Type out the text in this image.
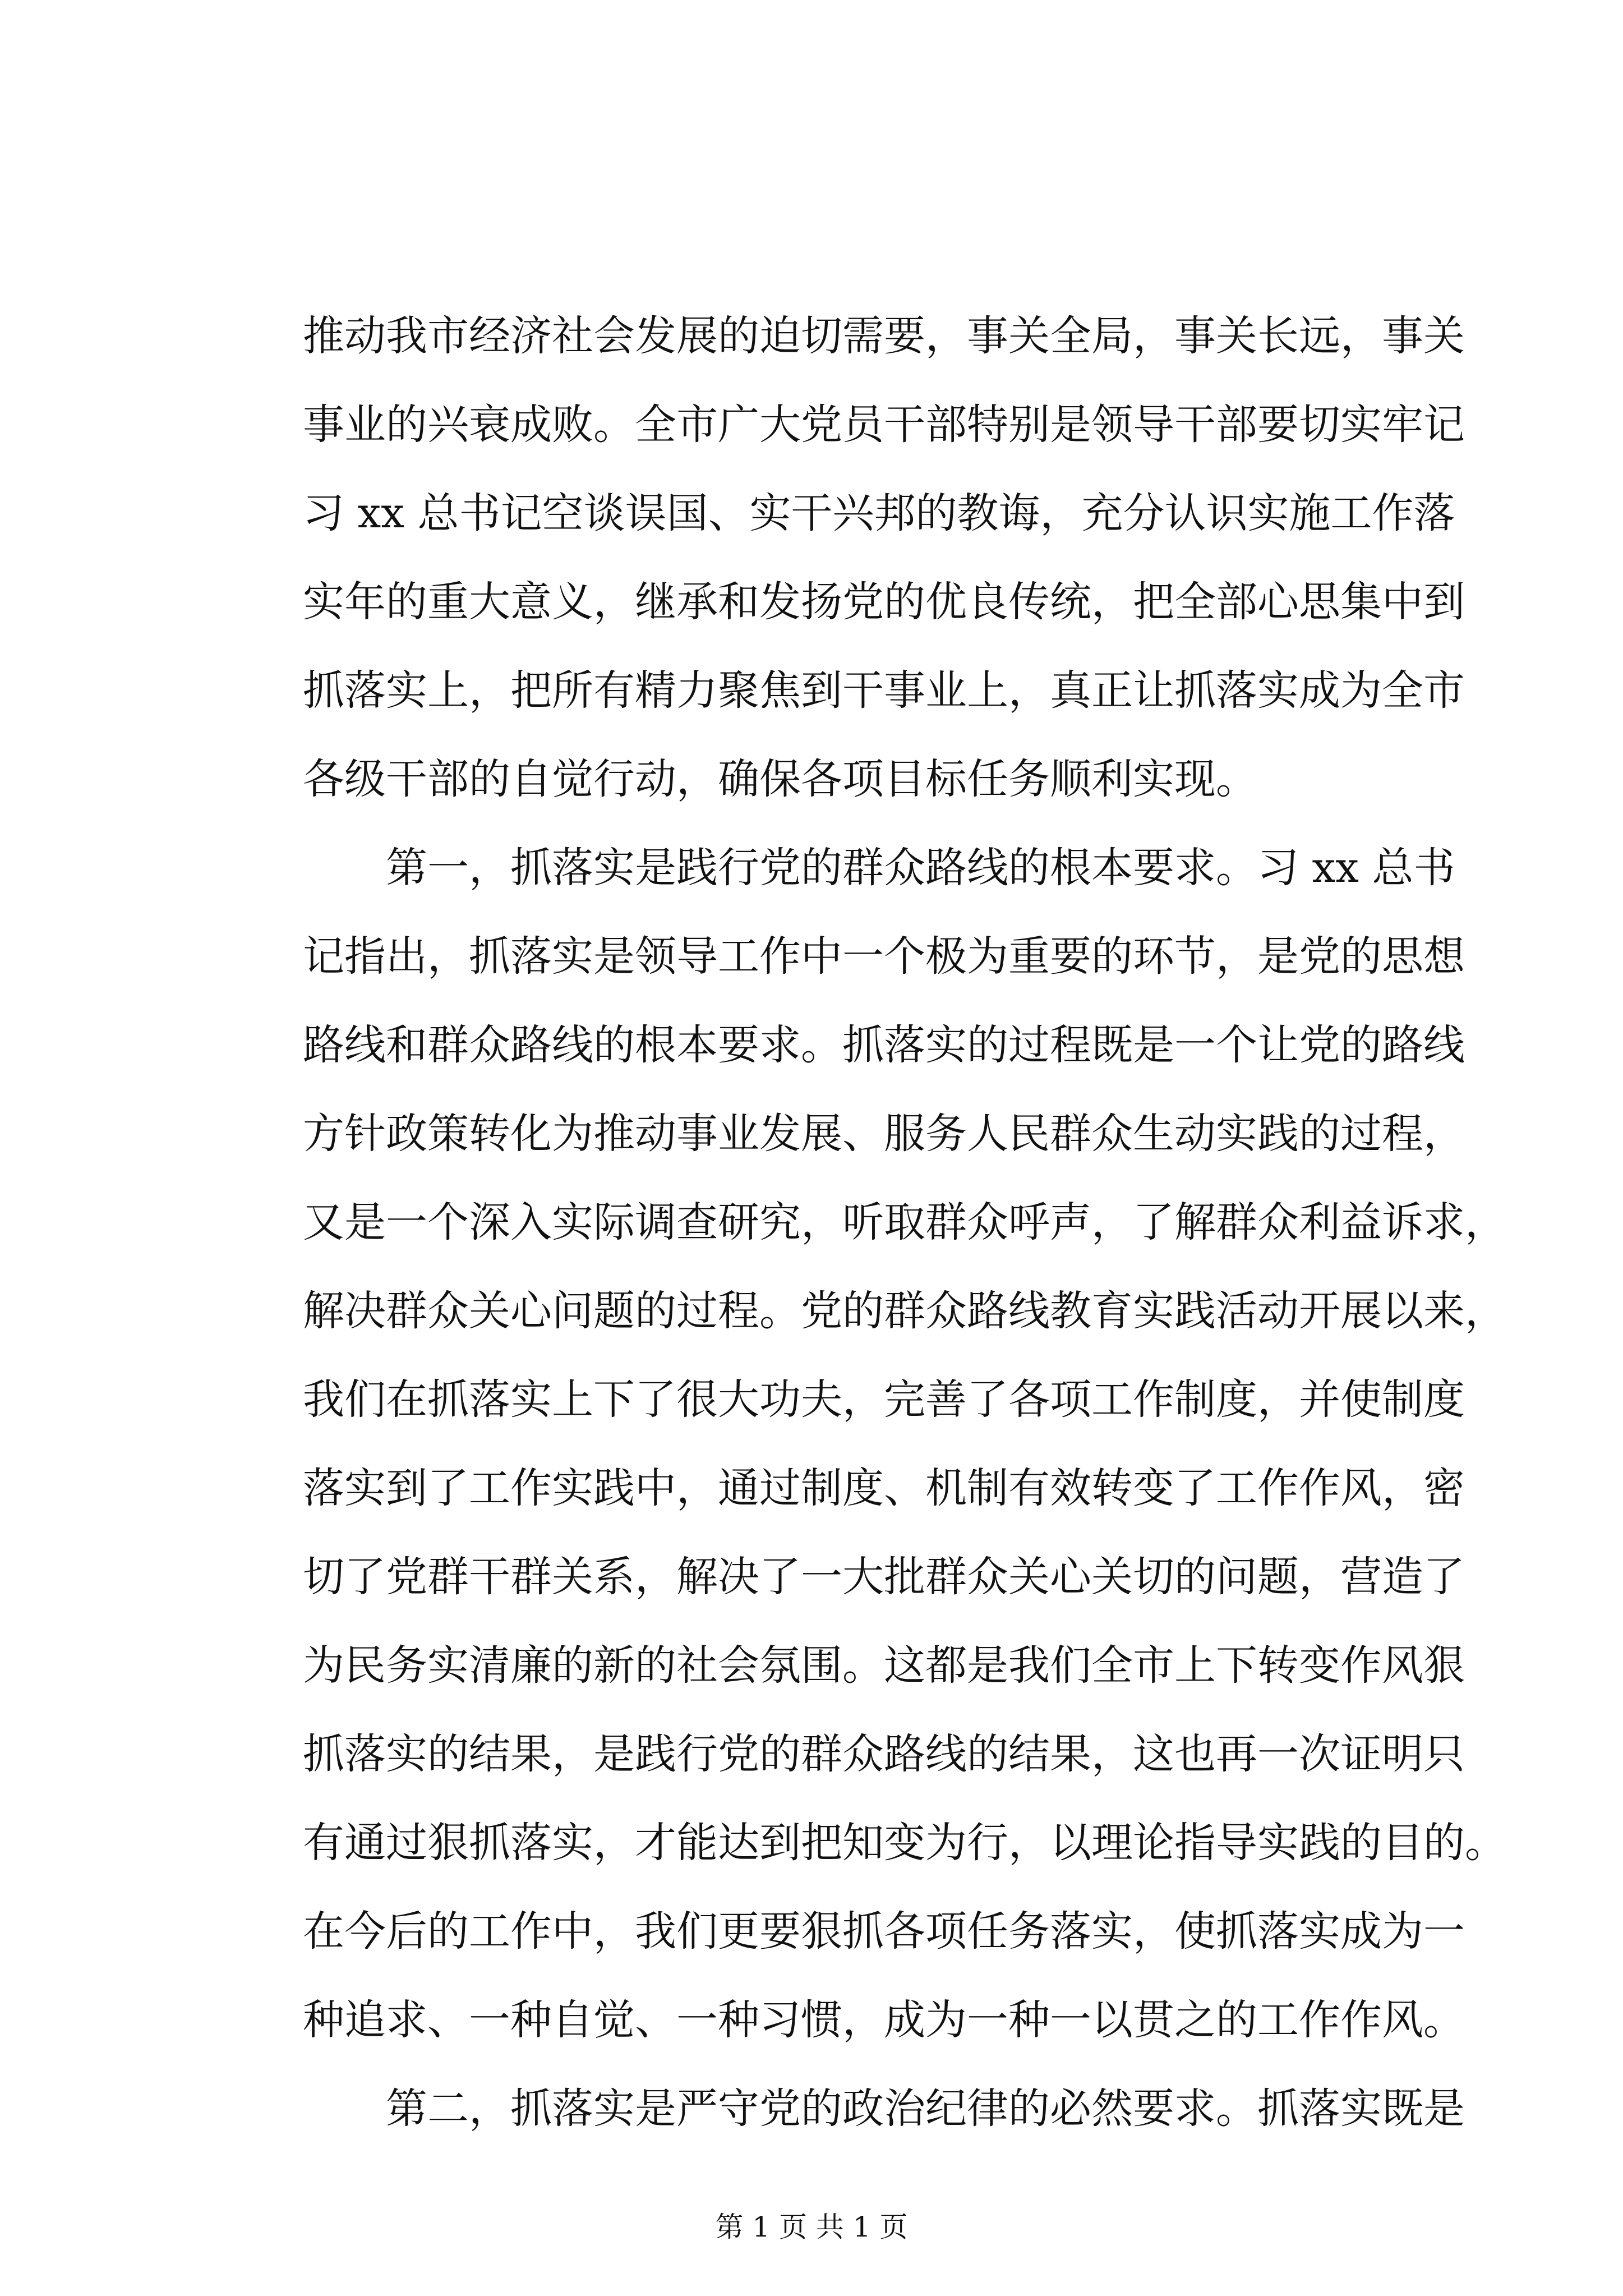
推动我市经济社会发展的迫切需要，事关全局，事关长远，事关
事业的兴衰成败。全市广大党员干部特别是领导干部要切实牢记
习 xx 总书记空谈误国、实干兴邦的教诲，充分认识实施工作落
实年的重大意义，继承和发扬党的优良传统，把全部心思集中到
抓落实上，把所有精力聚焦到干事业上，真正让抓落实成为全市
各级干部的自觉行动，确保各项目标任务顺利实现。
第一，抓落实是践行党的群众路线的根本要求。习 xx 总书
记指出，抓落实是领导工作中一个极为重要的环节，是党的思想
路线和群众路线的根本要求。抓落实的过程既是一个让党的路线
方针政策转化为推动事业发展、服务人民群众生动实践的过程，
又是一个深入实际调查研究，听取群众呼声，了解群众利益诉求，
解决群众关心问题的过程。党的群众路线教育实践活动开展以来，
我们在抓落实上下了很大功夫，完善了各项工作制度，并使制度
落实到了工作实践中，通过制度、机制有效转变了工作作风，密
切了党群干群关系，解决了一大批群众关心关切的问题，营造了
为民务实清廉的新的社会氛围。这都是我们全市上下转变作风狠
抓落实的结果，是践行党的群众路线的结果，这也再一次证明只
有通过狠抓落实，才能达到把知变为行，以理论指导实践的目的。
在今后的工作中，我们更要狠抓各项任务落实，使抓落实成为一
种追求、一种自觉、一种习惯，成为一种一以贯之的工作作风。
第二，抓落实是严守党的政治纪律的必然要求。抓落实既是
第 1 页 共 1 页
